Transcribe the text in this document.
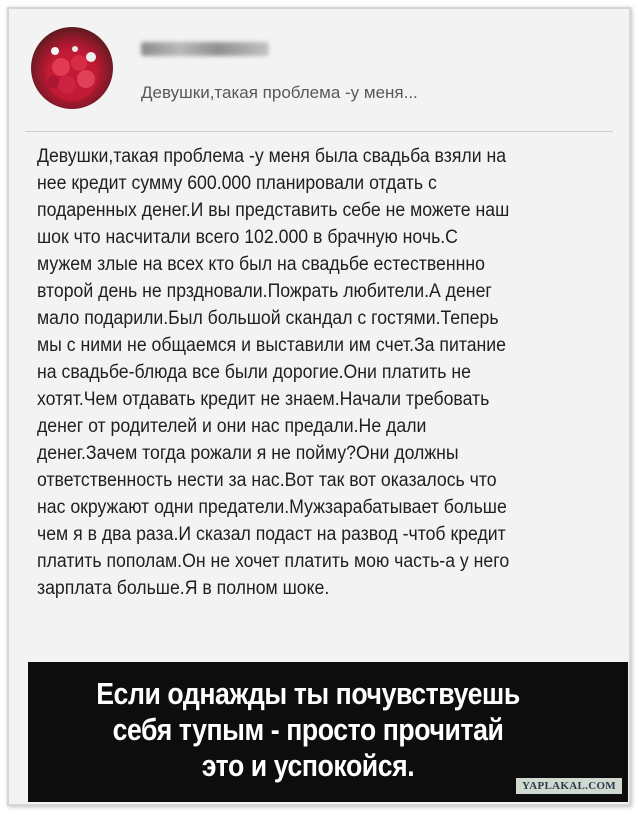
Девушки,такая проблема -у меня...
Девушки,такая проблема -у меня была свадьба взяли на
нее кредит сумму 600.000 планировали отдать с
подаренных денег.И вы представить себе не можете наш
шок что насчитали всего 102.000 в брачную ночь.С
мужем злые на всех кто был на свадьбе естественнно
второй день не прздновали.Пожрать любители.А денег
мало подарили.Был большой скандал с гостями.Теперь
мы с ними не общаемся и выставили им счет.За питание
на свадьбе-блюда все были дорогие.Они платить не
хотят.Чем отдавать кредит не знаем.Начали требовать
денег от родителей и они нас предали.Не дали
денег.Зачем тогда рожали я не пойму?Они должны
ответственность нести за нас.Вот так вот оказалось что
нас окружают одни предатели.Мужзарабатывает больше
чем я в два раза.И сказал подаст на развод -чтоб кредит
платить пополам.Он не хочет платить мою часть-а у него
зарплата больше.Я в полном шоке.
Если однажды ты почувствуешь
себя тупым - просто прочитай
это и успокойся.
YAPLAKAL.COM
